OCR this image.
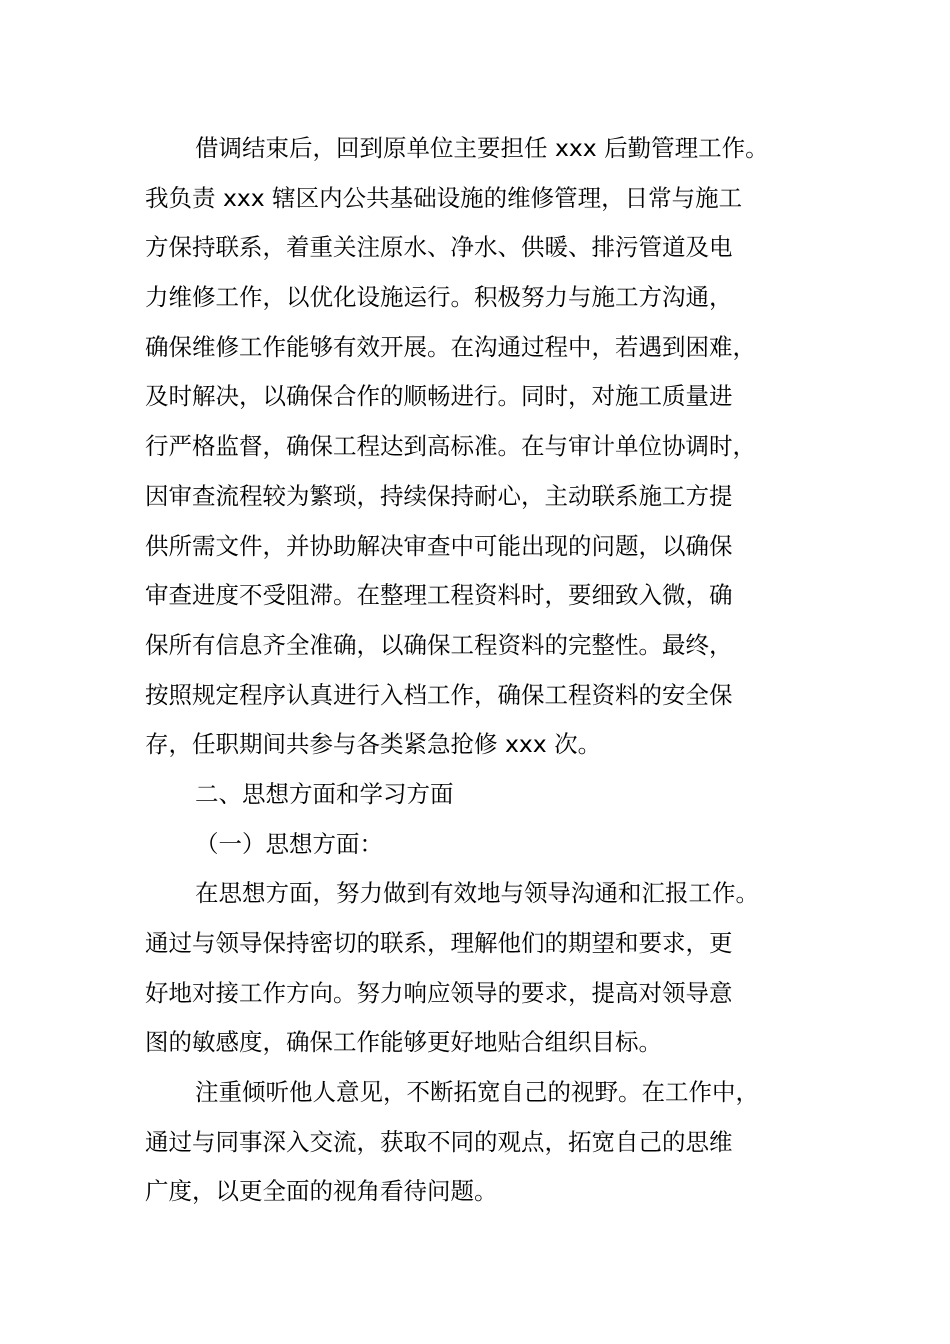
借调结束后，回到原单位主要担任 xxx 后勤管理工作。
我负责 xxx 辖区内公共基础设施的维修管理，日常与施工
方保持联系，着重关注原水、净水、供暖、排污管道及电
力维修工作，以优化设施运行。积极努力与施工方沟通，
确保维修工作能够有效开展。在沟通过程中，若遇到困难，
及时解决，以确保合作的顺畅进行。同时，对施工质量进
行严格监督，确保工程达到高标准。在与审计单位协调时，
因审查流程较为繁琐，持续保持耐心，主动联系施工方提
供所需文件，并协助解决审查中可能出现的问题，以确保
审查进度不受阻滞。在整理工程资料时，要细致入微，确
保所有信息齐全准确，以确保工程资料的完整性。最终，
按照规定程序认真进行入档工作，确保工程资料的安全保
存，任职期间共参与各类紧急抢修 xxx 次。
二、思想方面和学习方面
（一）思想方面：
在思想方面，努力做到有效地与领导沟通和汇报工作。
通过与领导保持密切的联系，理解他们的期望和要求，更
好地对接工作方向。努力响应领导的要求，提高对领导意
图的敏感度，确保工作能够更好地贴合组织目标。
注重倾听他人意见，不断拓宽自己的视野。在工作中，
通过与同事深入交流，获取不同的观点，拓宽自己的思维
广度，以更全面的视角看待问题。
